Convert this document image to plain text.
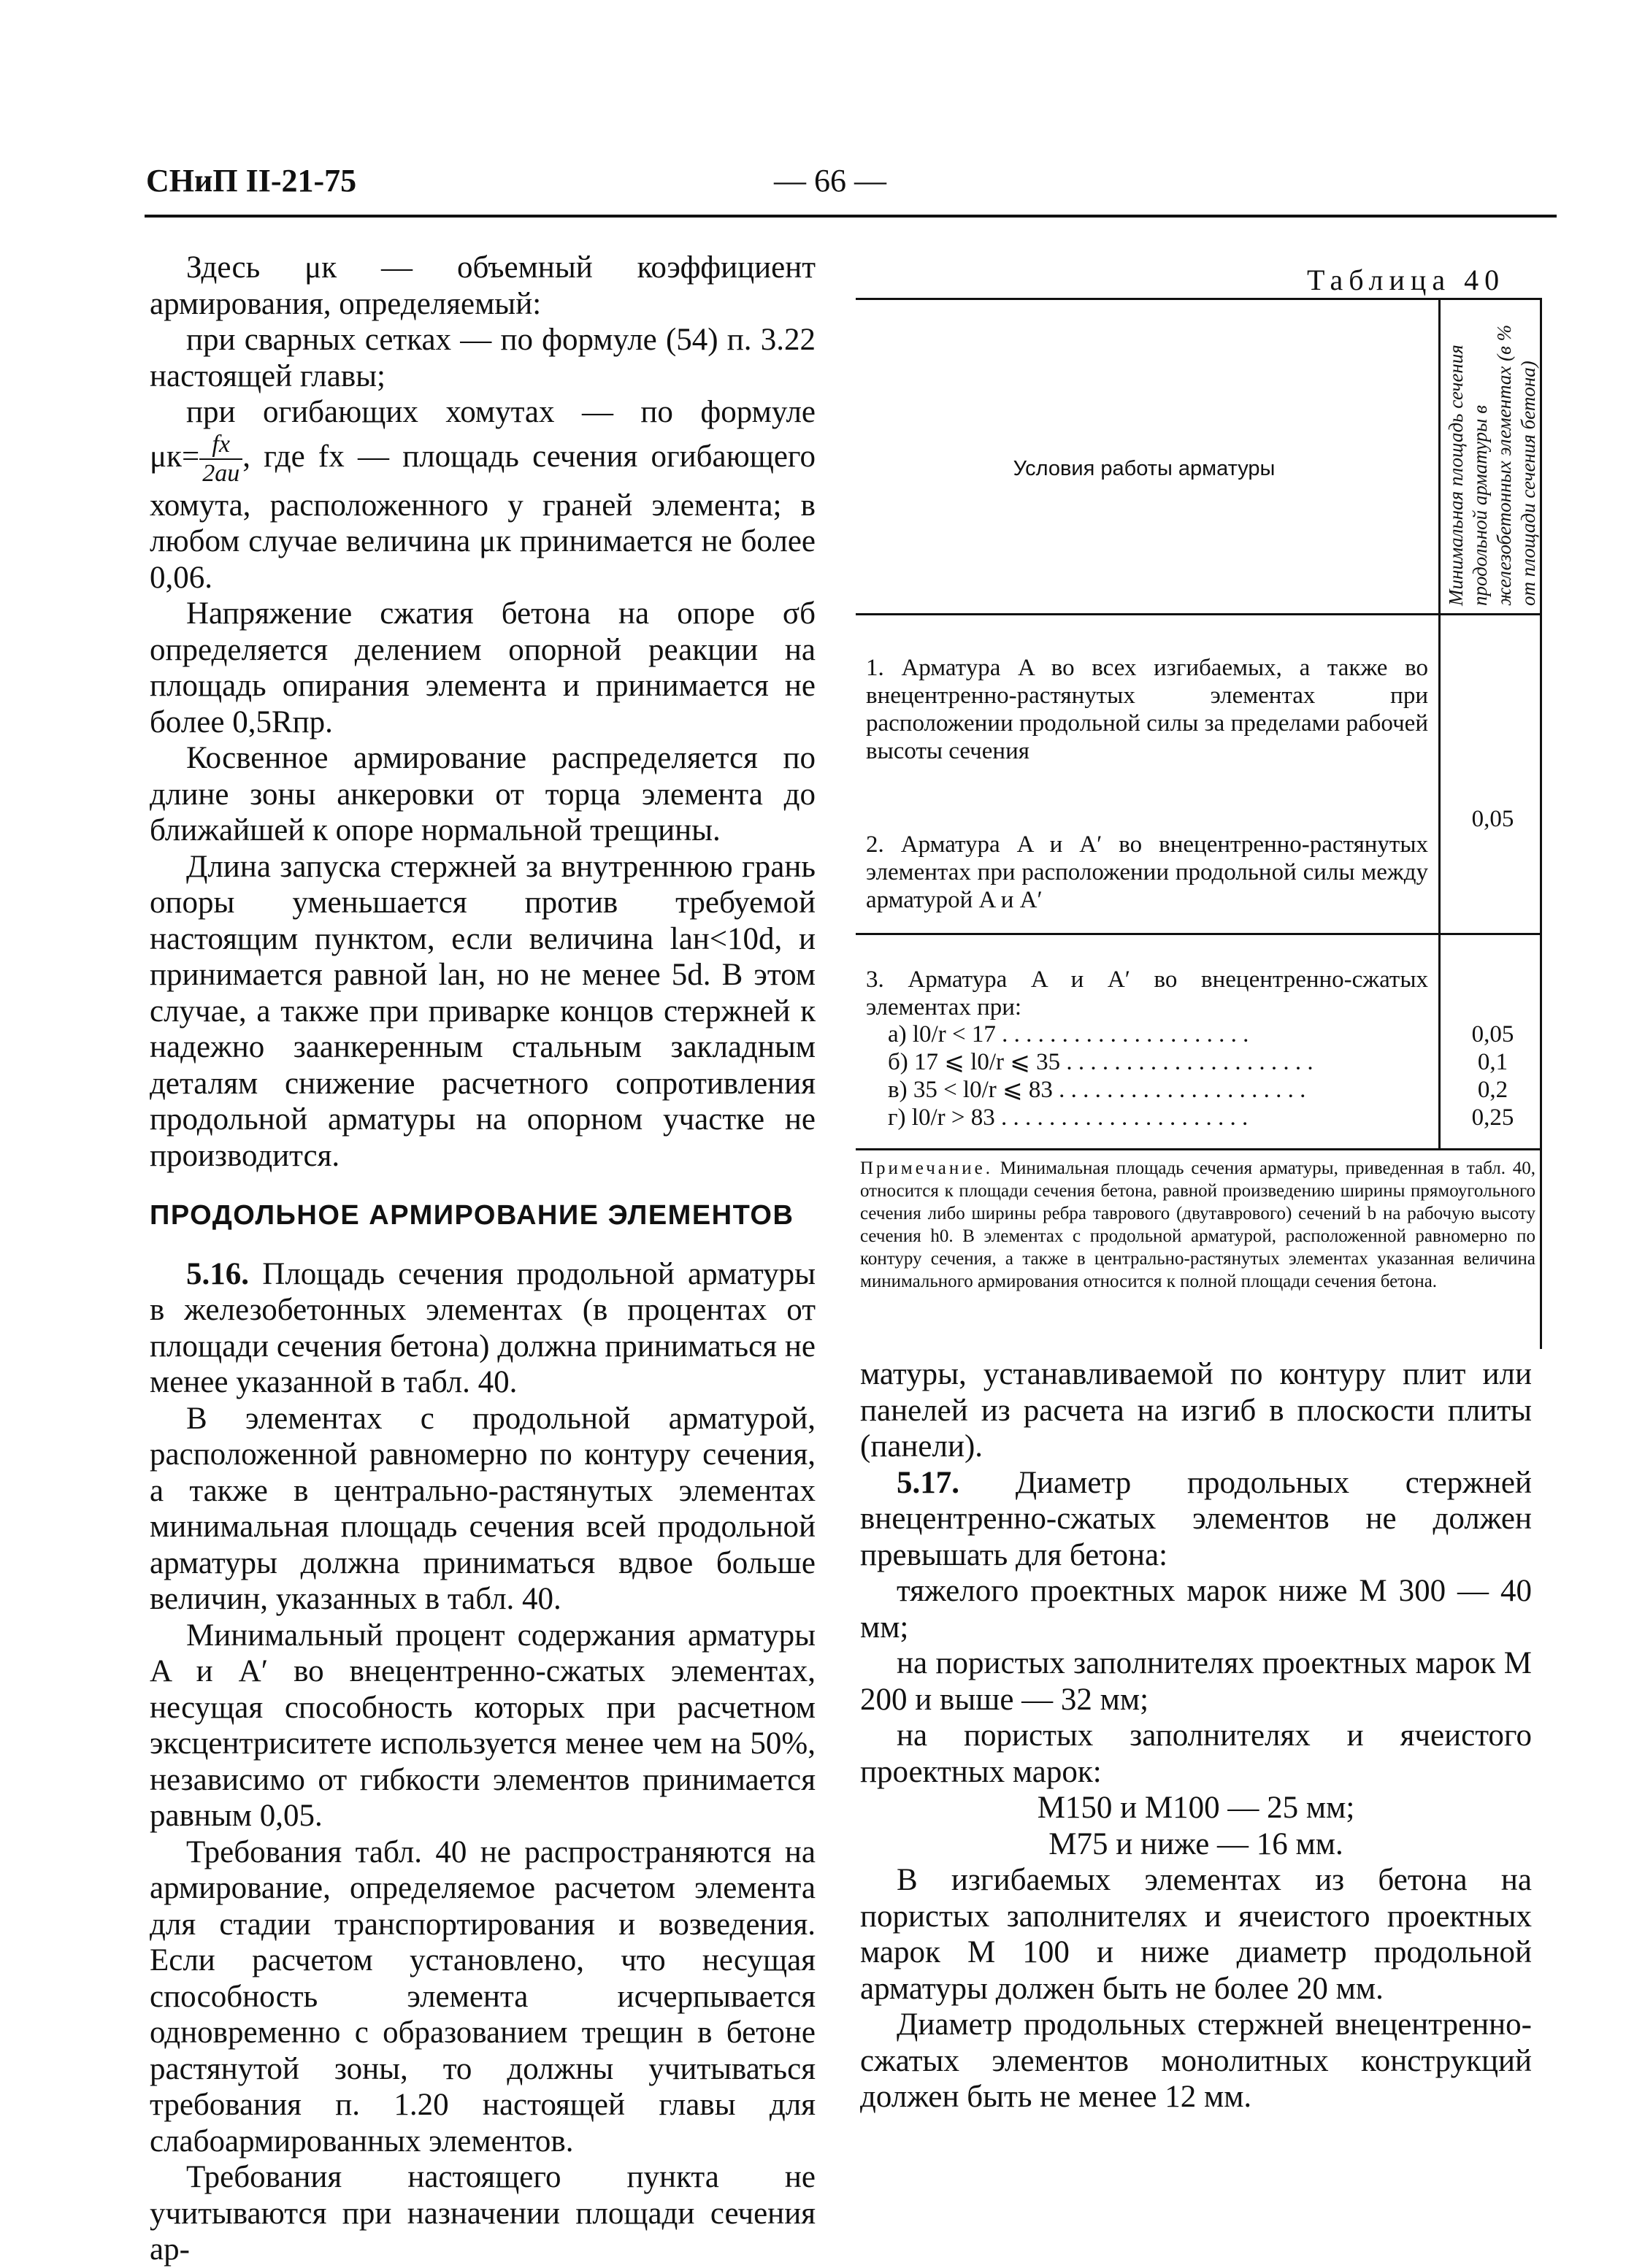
СНиП II-21-75	— 66 —

Здесь μк — объемный коэффициент армирования, определяемый:

при сварных сетках — по формуле (54) п. 3.22 настоящей главы;

при огибающих хомутах — по формуле

$\mu к= \frac{fх}{2au}$ , где fх — площадь сечения огибающего хомута, расположенного у граней элемента; в любом случае величина μк принимается не более 0,06.

Напряжение сжатия бетона на опоре σб определяется делением опорной реакции на площадь опирания элемента и принимается не более 0,5Rпр.

Косвенное армирование распределяется по длине зоны анкеровки от торца элемента до ближайшей к опоре нормальной трещины.

Длина запуска стержней за внутреннюю грань опоры уменьшается против требуемой настоящим пунктом, если величина lан<10d, и принимается равной lан, но не менее 5d. В этом случае, а также при приварке концов стержней к надежно заанкеренным стальным закладным деталям снижение расчетного сопротивления продольной арматуры на опорном участке не производится.

ПРОДОЛЬНОЕ АРМИРОВАНИЕ ЭЛЕМЕНТОВ

5.16. Площадь сечения продольной арматуры в железобетонных элементах (в процентах от площади сечения бетона) должна приниматься не менее указанной в табл. 40.

В элементах с продольной арматурой, расположенной равномерно по контуру сечения, а также в центрально-растянутых элементах минимальная площадь сечения всей продольной арматуры должна приниматься вдвое больше величин, указанных в табл. 40.

Минимальный процент содержания арматуры A и A′ во внецентренно-сжатых элементах, несущая способность которых при расчетном эксцентриситете используется менее чем на 50%, независимо от гибкости элементов принимается равным 0,05.

Требования табл. 40 не распространяются на армирование, определяемое расчетом элемента для стадии транспортирования и возведения. Если расчетом установлено, что несущая способность элемента исчерпывается одновременно с образованием трещин в бетоне растянутой зоны, то должны учитываться требования п. 1.20 настоящей главы для слабоармированных элементов.

Требования настоящего пункта не учитываются при назначении площади сечения ар-

Таблица 40
Условия работы арматуры	Минимальная площадь сечения продольной арматуры в железобетонных элементах (в % от площади сечения бетона)
1. Арматура A во всех изгибаемых, а также во внецентренно-растянутых элементах при расположении продольной силы за пределами рабочей высоты сечения
2. Арматура A и A′ во внецентренно-растянутых элементах при расположении продольной силы между арматурой A и A′
0,05
3. Арматура A и A′ во внецентренно-сжатых элементах при:
а) l0/r < 17 . . .
б) 17 ⩽ l0/r ⩽ 35 . . .
в) 35 < l0/r ⩽ 83 . . .
г) l0/r > 83 . . .
0,05
0,1
0,2
0,25
Примечание. Минимальная площадь сечения арматуры, приведенная в табл. 40, относится к площади сечения бетона, равной произведению ширины прямоугольного сечения либо ширины ребра таврового (двутаврового) сечений b на рабочую высоту сечения h0. В элементах с продольной арматурой, расположенной равномерно по контуру сечения, а также в центрально-растянутых элементах указанная величина минимального армирования относится к полной площади сечения бетона.

матуры, устанавливаемой по контуру плит или панелей из расчета на изгиб в плоскости плиты (панели).

5.17. Диаметр продольных стержней внецентренно-сжатых элементов не должен превышать для бетона:

тяжелого проектных марок ниже М 300 — 40 мм;

на пористых заполнителях проектных марок М 200 и выше — 32 мм;

на пористых заполнителях и ячеистого проектных марок:

М150 и М100 — 25 мм;

М75 и ниже — 16 мм.

В изгибаемых элементах из бетона на пористых заполнителях и ячеистого проектных марок М 100 и ниже диаметр продольной арматуры должен быть не более 20 мм.

Диаметр продольных стержней внецентренно-сжатых элементов монолитных конструкций должен быть не менее 12 мм.
